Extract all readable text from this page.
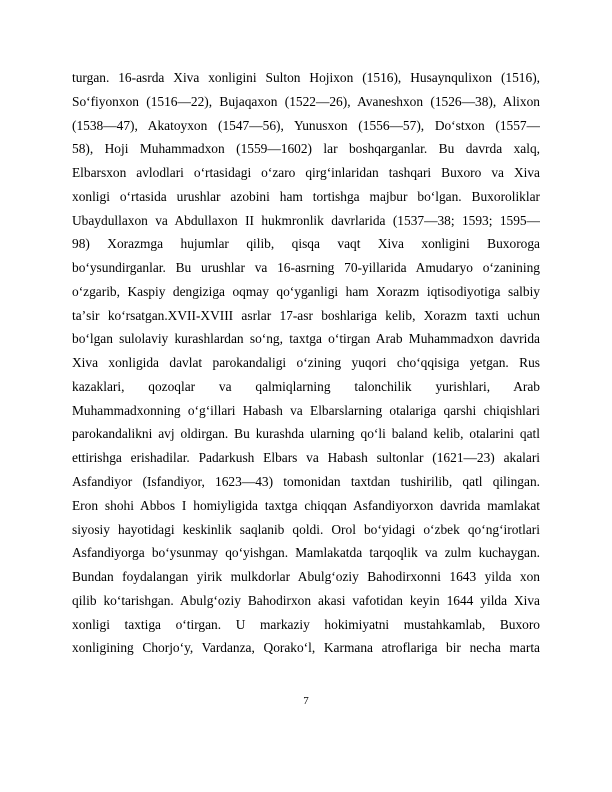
turgan. 16-asrda Xiva xonligini Sulton Hojixon (1516), Husaynqulixon (1516),
So‘fiyonxon (1516—22), Bujaqaxon (1522—26), Avaneshxon (1526—38), Alixon
(1538—47), Akatoyxon (1547—56), Yunusxon (1556—57), Do‘stxon (1557—
58), Hoji Muhammadxon (1559—1602) lar boshqarganlar. Bu davrda xalq,
Elbarsxon avlodlari oʻrtasidagi oʻzaro qirgʻinlaridan tashqari Buxoro va Xiva
xonligi oʻrtasida urushlar azobini ham tortishga majbur boʻlgan. Buxoroliklar
Ubaydullaxon va Abdullaxon II hukmronlik davrlarida (1537—38; 1593; 1595—
98) Xorazmga hujumlar qilib, qisqa vaqt Xiva xonligini Buxoroga
boʻysundirganlar. Bu urushlar va 16-asrning 70-yillarida Amudaryo oʻzanining
oʻzgarib, Kaspiy dengiziga oqmay qoʻyganligi ham Xorazm iqtisodiyotiga salbiy
taʼsir koʻrsatgan.XVII-XVIII asrlar 17-asr boshlariga kelib, Xorazm taxti uchun
boʻlgan sulolaviy kurashlardan soʻng, taxtga oʻtirgan Arab Muhammadxon davrida
Xiva xonligida davlat parokandaligi oʻzining yuqori choʻqqisiga yetgan. Rus
kazaklari, qozoqlar va qalmiqlarning talonchilik yurishlari, Arab
Muhammadxonning oʻgʻillari Habash va Elbarslarning otalariga qarshi chiqishlari
parokandalikni avj oldirgan. Bu kurashda ularning qoʻli baland kelib, otalarini qatl
ettirishga erishadilar. Padarkush Elbars va Habash sultonlar (1621—23) akalari
Asfandiyor (Isfandiyor, 1623—43) tomonidan taxtdan tushirilib, qatl qilingan.
Eron shohi Abbos I homiyligida taxtga chiqqan Asfandiyorxon davrida mamlakat
siyosiy hayotidagi keskinlik saqlanib qoldi. Orol boʻyidagi oʻzbek qoʻngʻirotlari
Asfandiyorga boʻysunmay qoʻyishgan. Mamlakatda tarqoqlik va zulm kuchaygan.
Bundan foydalangan yirik mulkdorlar Abulgʻoziy Bahodirxonni 1643 yilda xon
qilib koʻtarishgan. Abulgʻoziy Bahodirxon akasi vafotidan keyin 1644 yilda Xiva
xonligi taxtiga oʻtirgan. U markaziy hokimiyatni mustahkamlab, Buxoro
xonligining Chorjoʻy, Vardanza, Qorakoʻl, Karmana atroflariga bir necha marta
7
